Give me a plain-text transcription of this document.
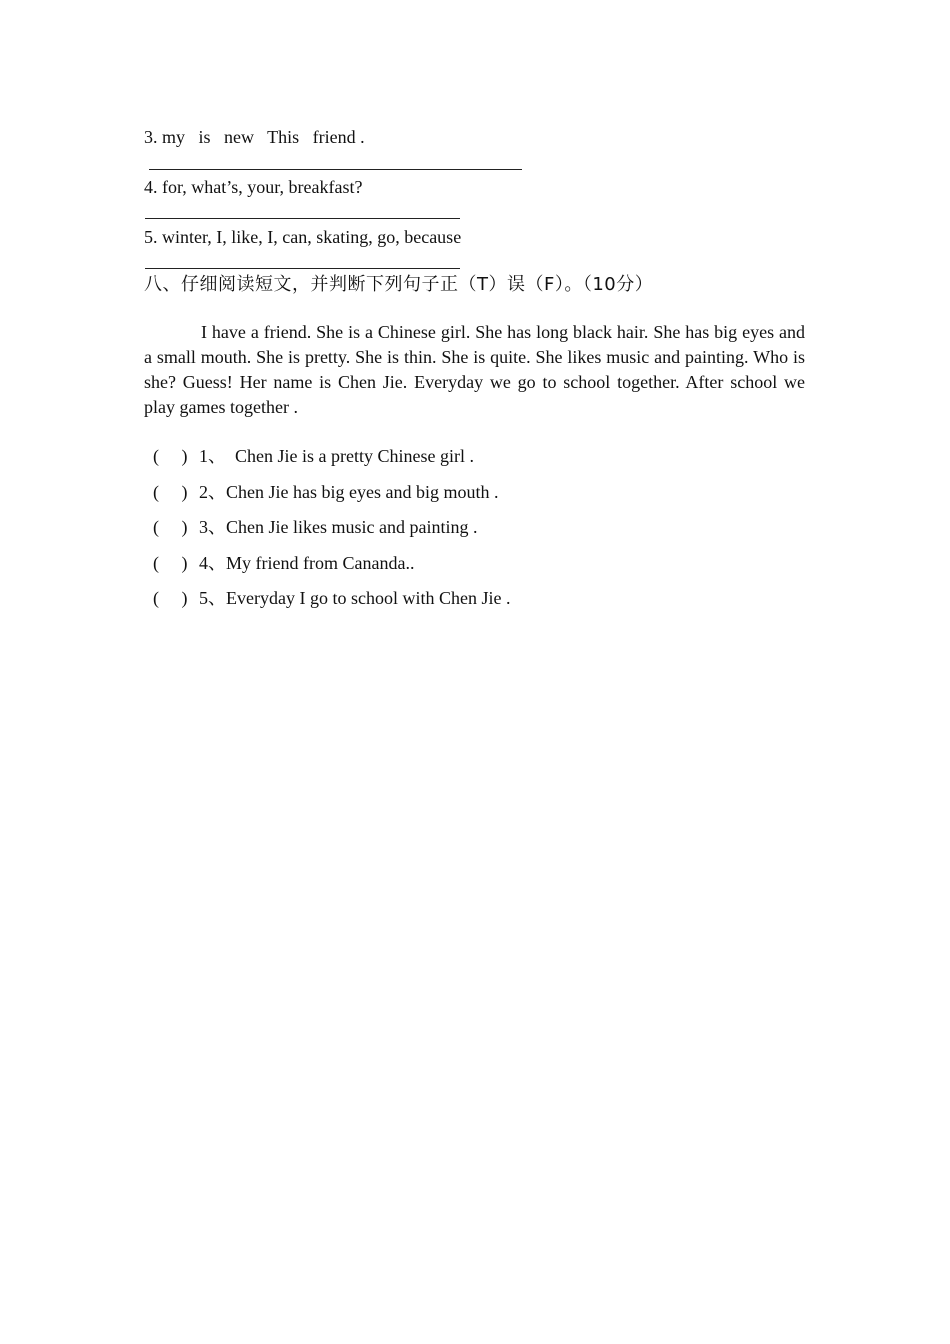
3. my   is   new   This   friend .
4. for, what’s, your, breakfast?
5. winter, I, like, I, can, skating, go, because
八、仔细阅读短文，并判断下列句子正（T）误（F）。（10分）
I have a friend. She is a Chinese girl. She has long black hair. She has big eyes and a small mouth. She is pretty. She is thin. She is quite. She likes music and painting. Who is she? Guess! Her name is Chen Jie. Everyday we go to school together. After school we play games together .

(     ) 1、  Chen Jie is a pretty Chinese girl .

(     ) 2、Chen Jie has big eyes and big mouth .

(     ) 3、Chen Jie likes music and painting .

(     ) 4、My friend from Cananda..

(     ) 5、Everyday I go to school with Chen Jie .
